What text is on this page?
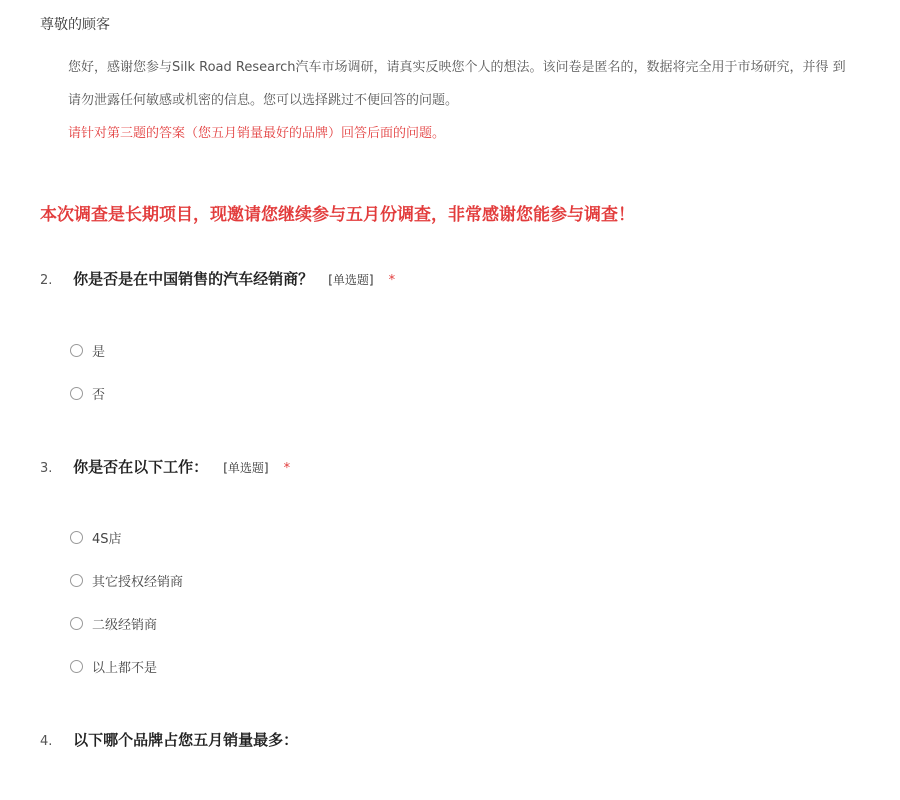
尊敬的顾客
您好，感谢您参与Silk Road Research汽车市场调研，请真实反映您个人的想法。该问卷是匿名的，数据将完全用于市场研究，并得 到
请勿泄露任何敏感或机密的信息。您可以选择跳过不便回答的问题。
请针对第三题的答案（您五月销量最好的品牌）回答后面的问题。
本次调查是长期项目，现邀请您继续参与五月份调查，非常感谢您能参与调查！
2. 你是否是在中国销售的汽车经销商？ [单选题] *
是
否
3. 你是否在以下工作： [单选题] *
4S店
其它授权经销商
二级经销商
以上都不是
4. 以下哪个品牌占您五月销量最多：
